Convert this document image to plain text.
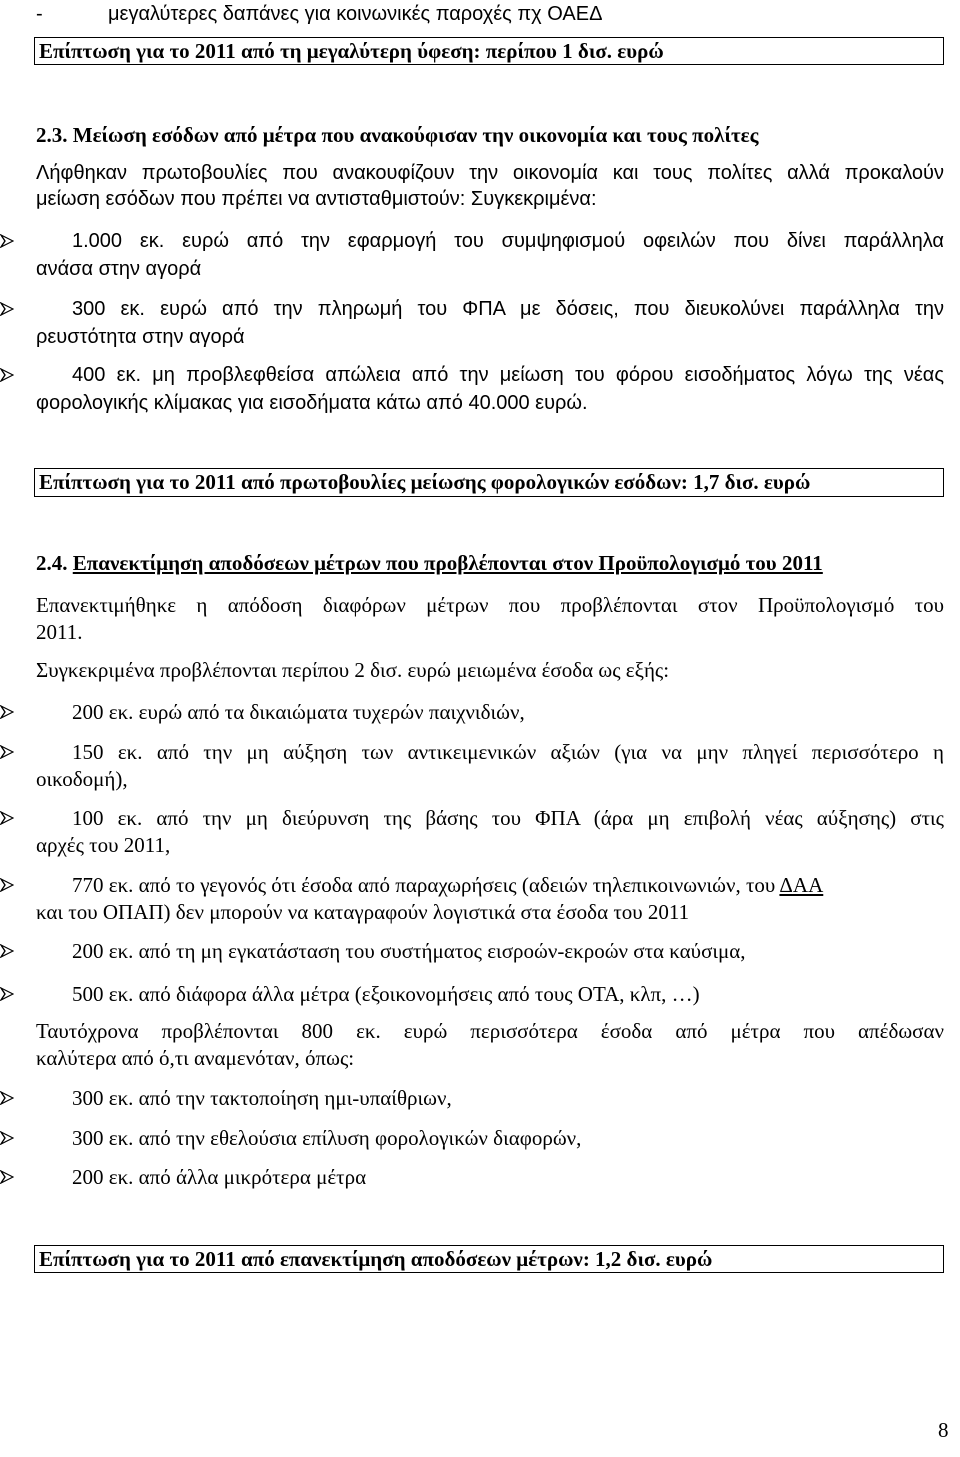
-	μεγαλύτερες δαπάνες για κοινωνικές παροχές πχ ΟΑΕΔ
Επίπτωση για το 2011 από τη μεγαλύτερη ύφεση: περίπου 1 δισ. ευρώ
2.3. Μείωση εσόδων από μέτρα που ανακούφισαν την οικονομία και τους πολίτες
Λήφθηκαν πρωτοβουλίες που ανακουφίζουν την οικονομία και τους πολίτες αλλά προκαλούν
μείωση εσόδων που πρέπει να αντισταθμιστούν: Συγκεκριμένα:
1.000 εκ. ευρώ από την εφαρμογή του συμψηφισμού οφειλών που δίνει παράλληλα
ανάσα στην αγορά
300 εκ. ευρώ από την πληρωμή του ΦΠΑ με δόσεις, που διευκολύνει παράλληλα την
ρευστότητα στην αγορά
400 εκ. μη προβλεφθείσα απώλεια από την μείωση του φόρου εισοδήματος λόγω της νέας
φορολογικής κλίμακας για εισοδήματα κάτω από 40.000 ευρώ.
Επίπτωση για το 2011 από πρωτοβουλίες μείωσης φορολογικών εσόδων: 1,7 δισ. ευρώ
2.4. Επανεκτίμηση αποδόσεων μέτρων που προβλέπονται στον Προϋπολογισμό του 2011
Επανεκτιμήθηκε η απόδοση διαφόρων μέτρων που προβλέπονται στον Προϋπολογισμό του
2011.
Συγκεκριμένα προβλέπονται περίπου 2 δισ. ευρώ μειωμένα έσοδα ως εξής:
200 εκ. ευρώ από τα δικαιώματα τυχερών παιχνιδιών,
150 εκ. από την μη αύξηση των αντικειμενικών αξιών (για να μην πληγεί περισσότερο η
οικοδομή),
100 εκ. από την μη διεύρυνση της βάσης του ΦΠΑ (άρα μη επιβολή νέας αύξησης) στις
αρχές του 2011,
770 εκ. από το γεγονός ότι έσοδα από παραχωρήσεις (αδειών τηλεπικοινωνιών, του ΔΑΑ
και του ΟΠΑΠ) δεν μπορούν να καταγραφούν λογιστικά στα έσοδα του 2011
200 εκ. από τη μη εγκατάσταση του συστήματος εισροών-εκροών στα καύσιμα,
500 εκ. από διάφορα άλλα μέτρα (εξοικονομήσεις από τους ΟΤΑ, κλπ, …)
Ταυτόχρονα προβλέπονται 800 εκ. ευρώ περισσότερα έσοδα από μέτρα που απέδωσαν
καλύτερα από ό,τι αναμενόταν, όπως:
300 εκ. από την τακτοποίηση ημι-υπαίθριων,
300 εκ. από την εθελούσια επίλυση φορολογικών διαφορών,
200 εκ. από άλλα μικρότερα μέτρα
Επίπτωση για το 2011 από επανεκτίμηση αποδόσεων μέτρων: 1,2 δισ. ευρώ
8
